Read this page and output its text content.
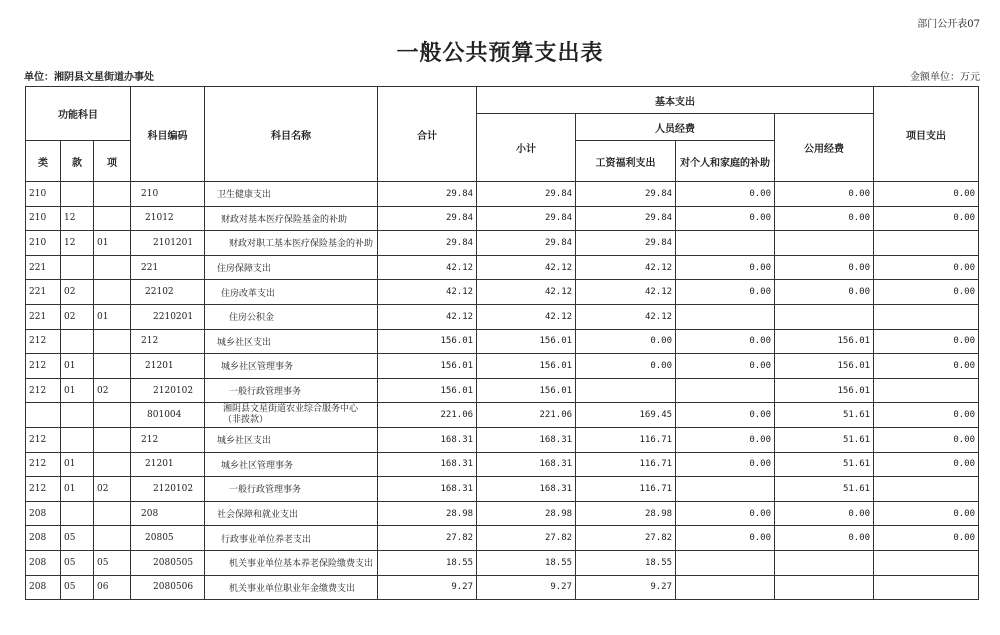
部门公开表07
一般公共预算支出表
单位：湘阴县文星街道办事处	金额单位：万元
功能科目			科目编码	科目名称	合计	基本支出				项目支出
						小计	人员经费		公用经费	
类	款	项					工资福利支出	对个人和家庭的补助		
210			210	卫生健康支出	29.84	29.84	29.84	0.00	0.00	0.00
210	12		21012	财政对基本医疗保险基金的补助	29.84	29.84	29.84	0.00	0.00	0.00
210	12	01	2101201	财政对职工基本医疗保险基金的补助	29.84	29.84	29.84			
221			221	住房保障支出	42.12	42.12	42.12	0.00	0.00	0.00
221	02		22102	住房改革支出	42.12	42.12	42.12	0.00	0.00	0.00
221	02	01	2210201	住房公积金	42.12	42.12	42.12			
212			212	城乡社区支出	156.01	156.01	0.00	0.00	156.01	0.00
212	01		21201	城乡社区管理事务	156.01	156.01	0.00	0.00	156.01	0.00
212	01	02	2120102	一般行政管理事务	156.01	156.01			156.01	
			801004	湘阴县文星街道农业综合服务中心（非拨款）	221.06	221.06	169.45	0.00	51.61	0.00
212			212	城乡社区支出	168.31	168.31	116.71	0.00	51.61	0.00
212	01		21201	城乡社区管理事务	168.31	168.31	116.71	0.00	51.61	0.00
212	01	02	2120102	一般行政管理事务	168.31	168.31	116.71		51.61	
208			208	社会保障和就业支出	28.98	28.98	28.98	0.00	0.00	0.00
208	05		20805	行政事业单位养老支出	27.82	27.82	27.82	0.00	0.00	0.00
208	05	05	2080505	机关事业单位基本养老保险缴费支出	18.55	18.55	18.55			
208	05	06	2080506	机关事业单位职业年金缴费支出	9.27	9.27	9.27			
